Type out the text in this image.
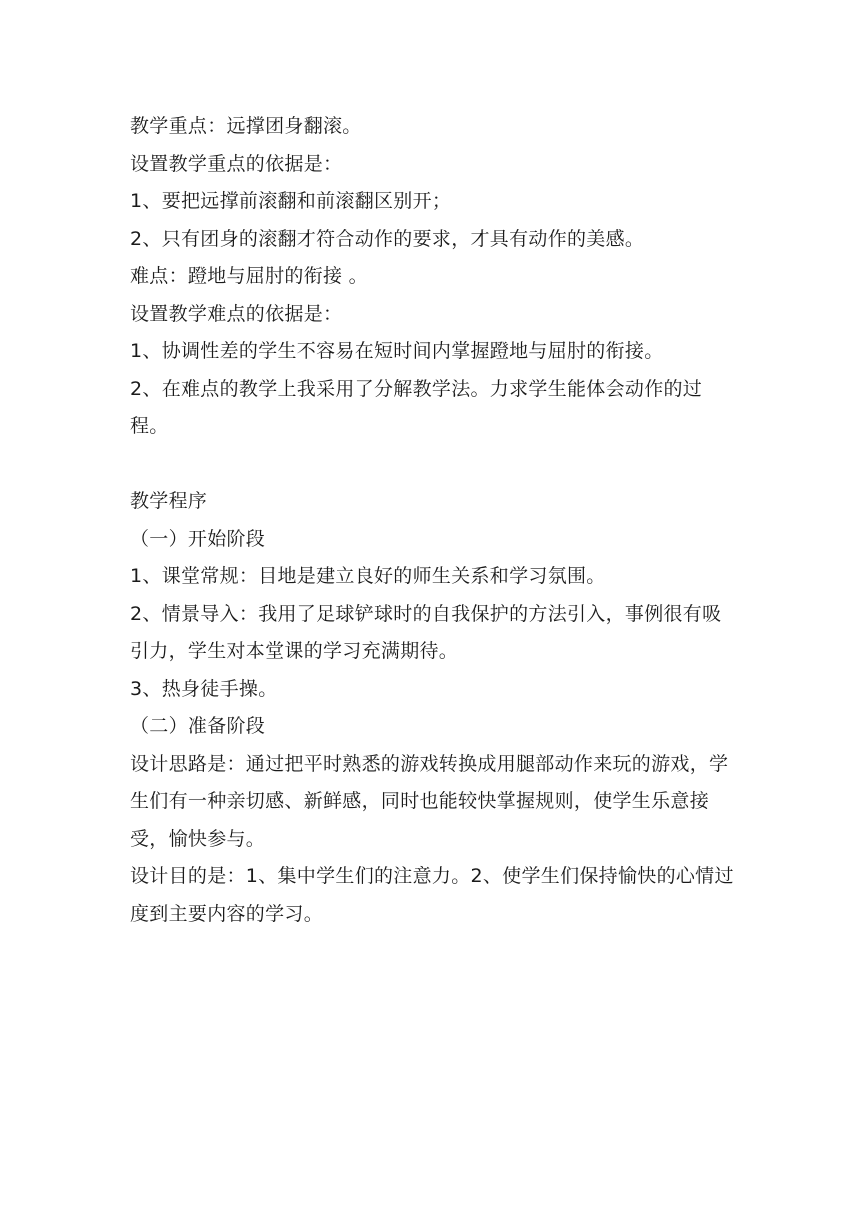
教学重点：远撑团身翻滚。

设置教学重点的依据是：

1、要把远撑前滚翻和前滚翻区别开；

2、只有团身的滚翻才符合动作的要求，才具有动作的美感。

难点：蹬地与屈肘的衔接 。

设置教学难点的依据是：

1、协调性差的学生不容易在短时间内掌握蹬地与屈肘的衔接。

2、在难点的教学上我采用了分解教学法。力求学生能体会动作的过程。

教学程序

（一）开始阶段

1、课堂常规：目地是建立良好的师生关系和学习氛围。

2、情景导入：我用了足球铲球时的自我保护的方法引入，事例很有吸引力，学生对本堂课的学习充满期待。

3、热身徒手操。

（二）准备阶段

设计思路是：通过把平时熟悉的游戏转换成用腿部动作来玩的游戏，学生们有一种亲切感、新鲜感，同时也能较快掌握规则，使学生乐意接受，愉快参与。

设计目的是：1、集中学生们的注意力。2、使学生们保持愉快的心情过度到主要内容的学习。
